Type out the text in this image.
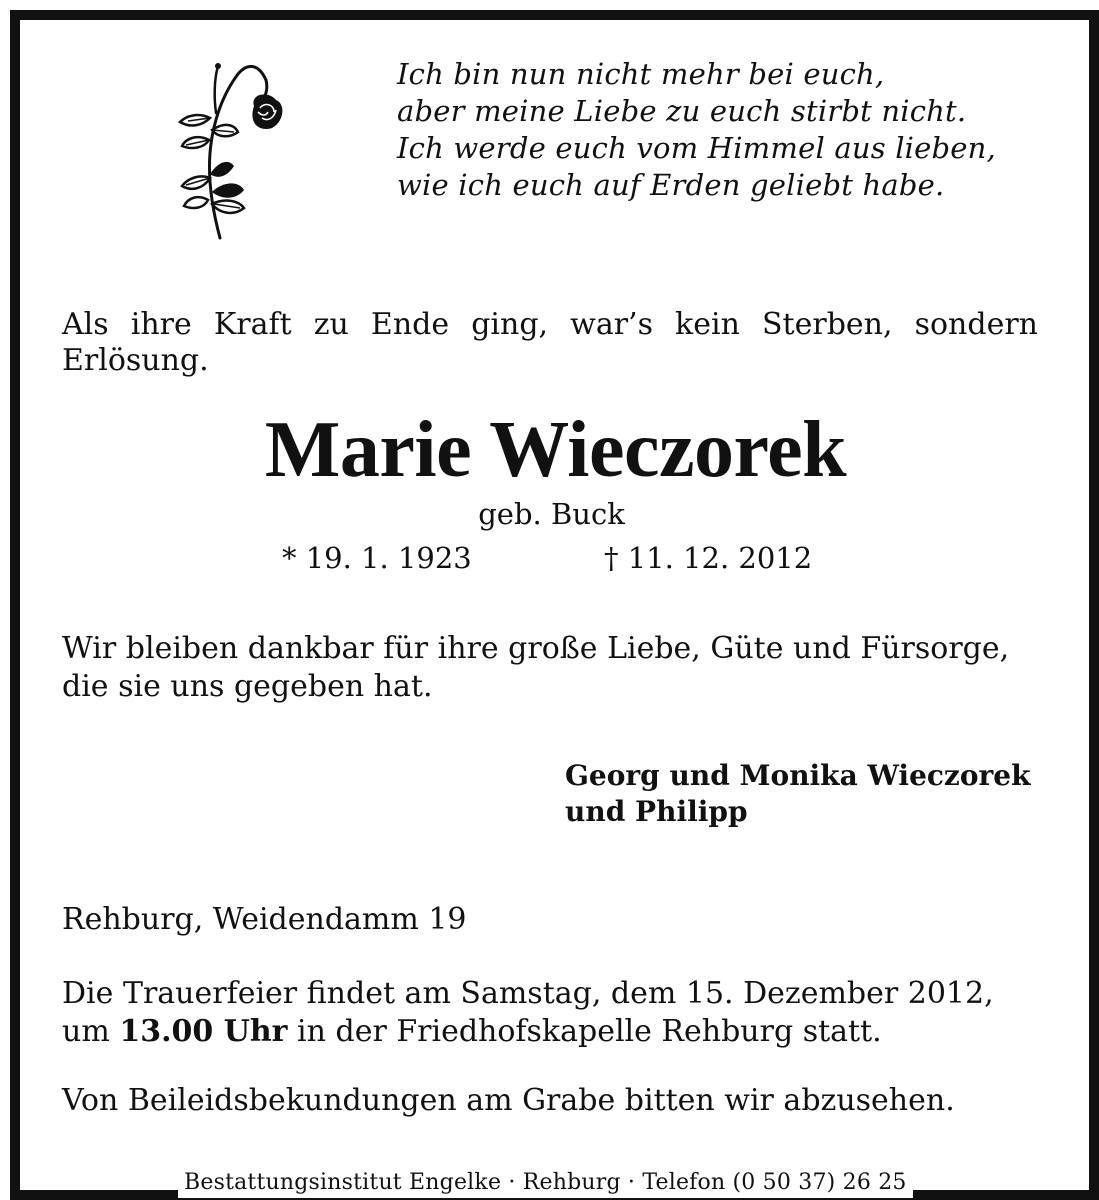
Ich bin nun nicht mehr bei euch,
aber meine Liebe zu euch stirbt nicht.
Ich werde euch vom Himmel aus lieben,
wie ich euch auf Erden geliebt habe.
Als ihre Kraft zu Ende ging, war’s kein Sterben, sondern Erlösung.
Marie Wieczorek
geb. Buck
* 19. 1. 1923	† 11. 12. 2012
Wir bleiben dankbar für ihre große Liebe, Güte und Fürsorge,
die sie uns gegeben hat.
Georg und Monika Wieczorek
und Philipp
Rehburg, Weidendamm 19
Die Trauerfeier findet am Samstag, dem 15. Dezember 2012,
um 13.00 Uhr in der Friedhofskapelle Rehburg statt.
Von Beileidsbekundungen am Grabe bitten wir abzusehen.
Bestattungsinstitut Engelke · Rehburg · Telefon (0 50 37) 26 25
